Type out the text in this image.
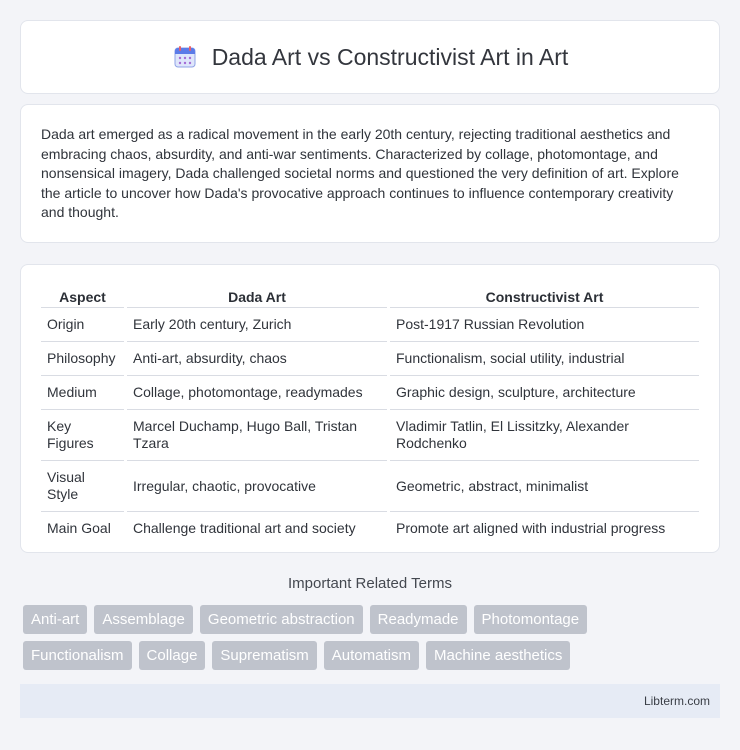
Dada Art vs Constructivist Art in Art

Dada art emerged as a radical movement in the early 20th century, rejecting traditional aesthetics and embracing chaos, absurdity, and anti-war sentiments. Characterized by collage, photomontage, and nonsensical imagery, Dada challenged societal norms and questioned the very definition of art. Explore the article to uncover how Dada's provocative approach continues to influence contemporary creativity and thought.

Aspect	Dada Art	Constructivist Art
Origin	Early 20th century, Zurich	Post-1917 Russian Revolution
Philosophy	Anti-art, absurdity, chaos	Functionalism, social utility, industrial
Medium	Collage, photomontage, readymades	Graphic design, sculpture, architecture
Key Figures	Marcel Duchamp, Hugo Ball, Tristan Tzara	Vladimir Tatlin, El Lissitzky, Alexander Rodchenko
Visual Style	Irregular, chaotic, provocative	Geometric, abstract, minimalist
Main Goal	Challenge traditional art and society	Promote art aligned with industrial progress
Important Related Terms
Anti-art	Assemblage	Geometric abstraction	Readymade	Photomontage
Functionalism	Collage	Suprematism	Automatism	Machine aesthetics
Libterm.com
